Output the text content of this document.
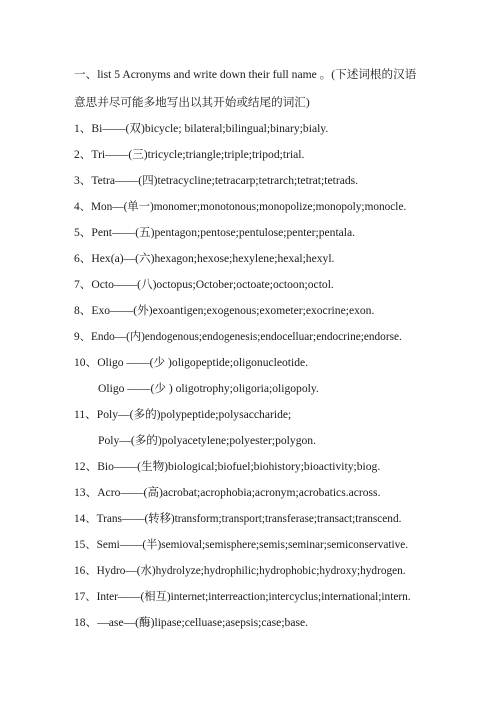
一、list 5 Acronyms and write down their full name 。(下述词根的汉语
意思并尽可能多地写出以其开始或结尾的词汇)
1、Bi——(双)bicycle; bilateral;bilingual;binary;bialy.
2、Tri——(三)tricycle;triangle;triple;tripod;trial.
3、Tetra——(四)tetracycline;tetracarp;tetrarch;tetrat;tetrads.
4、Mon—(单一)monomer;monotonous;monopolize;monopoly;monocle.
5、Pent——(五)pentagon;pentose;pentulose;penter;pentala.
6、Hex(a)—(六)hexagon;hexose;hexylene;hexal;hexyl.
7、Octo——(八)octopus;October;octoate;octoon;octol.
8、Exo——(外)exoantigen;exogenous;exometer;exocrine;exon.
9、Endo—(内)endogenous;endogenesis;endocelluar;endocrine;endorse.
10、Oligo ——(少 )oligopeptide;oligonucleotide.
Oligo ——(少 ) oligotrophy;oligoria;oligopoly.
11、Poly—(多的)polypeptide;polysaccharide;
Poly—(多的)polyacetylene;polyester;polygon.
12、Bio——(生物)biological;biofuel;biohistory;bioactivity;biog.
13、Acro——(高)acrobat;acrophobia;acronym;acrobatics.across.
14、Trans——(转移)transform;transport;transferase;transact;transcend.
15、Semi——(半)semioval;semisphere;semis;seminar;semiconservative.
16、Hydro—(水)hydrolyze;hydrophilic;hydrophobic;hydroxy;hydrogen.
17、Inter——(相互)internet;interreaction;intercyclus;international;intern.
18、—ase—(酶)lipase;celluase;asepsis;case;base.
